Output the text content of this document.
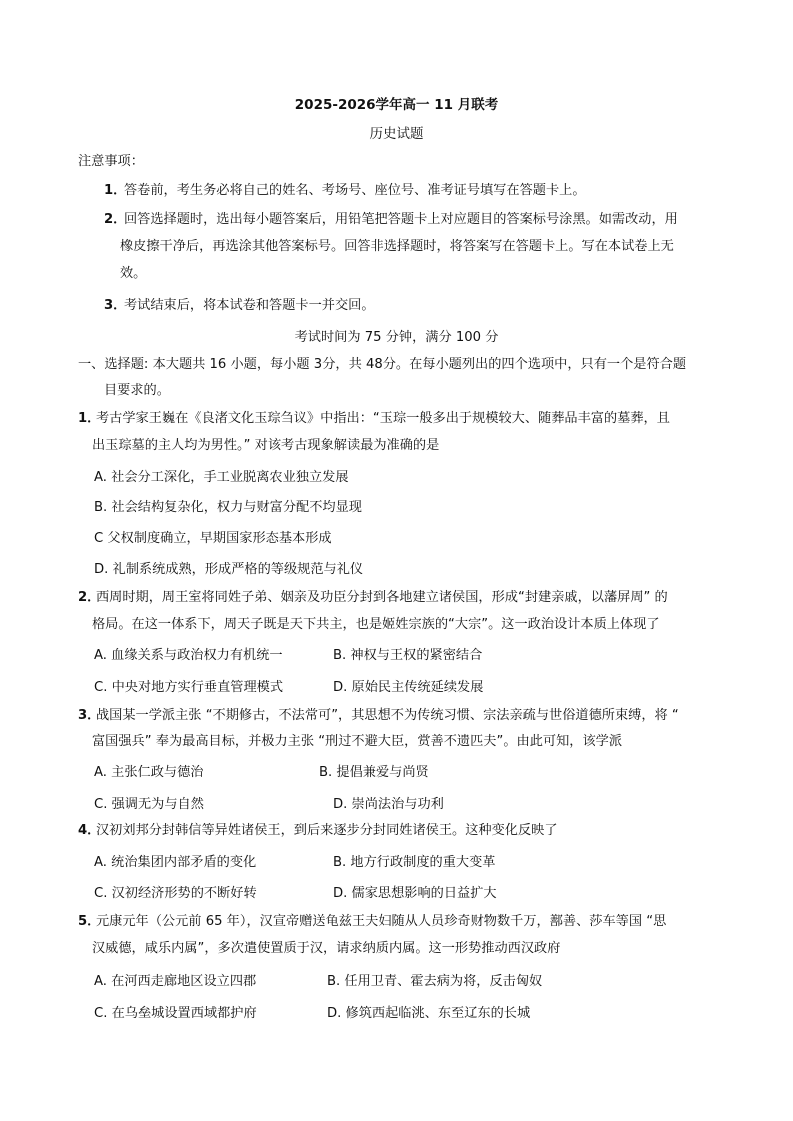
2025-2026学年高一 11 月联考
历史试题
注意事项：
1．
答卷前，考生务必将自己的姓名、考场号、座位号、准考证号填写在答题卡上。
2．
回答选择题时，选出每小题答案后，用铅笔把答题卡上对应题目的答案标号涂黑。如需改动，用
橡皮擦干净后，再选涂其他答案标号。回答非选择题时，将答案写在答题卡上。写在本试卷上无
效。
3．
考试结束后，将本试卷和答题卡一并交回。
考试时间为 75 分钟，满分 100 分
一、选择题: 本大题共 16 小题，每小题 3分，共 48分。在每小题列出的四个选项中，只有一个是符合题
目要求的。
1．
考古学家王巍在《良渚文化玉琮刍议》中指出：“玉琮一般多出于规模较大、随葬品丰富的墓葬，且
出玉琮墓的主人均为男性。” 对该考古现象解读最为准确的是
A. 社会分工深化，手工业脱离农业独立发展
B. 社会结构复杂化，权力与财富分配不均显现
C 父权制度确立，早期国家形态基本形成
D. 礼制系统成熟，形成严格的等级规范与礼仪
2．
西周时期，周王室将同姓子弟、姻亲及功臣分封到各地建立诸侯国，形成“封建亲戚，以藩屏周” 的
格局。在这一体系下，周天子既是天下共主，也是姬姓宗族的“大宗”。这一政治设计本质上体现了
A. 血缘关系与政治权力有机统一	B. 神权与王权的紧密结合
C. 中央对地方实行垂直管理模式	D. 原始民主传统延续发展
3．
战国某一学派主张 “不期修古，不法常可”，其思想不为传统习惯、宗法亲疏与世俗道德所束缚，将 “
富国强兵” 奉为最高目标，并极力主张 “刑过不避大臣，赏善不遗匹夫”。由此可知，该学派
A. 主张仁政与德治	B. 提倡兼爱与尚贤
C. 强调无为与自然	D. 崇尚法治与功利
4．
汉初刘邦分封韩信等异姓诸侯王，到后来逐步分封同姓诸侯王。这种变化反映了
A. 统治集团内部矛盾的变化	B. 地方行政制度的重大变革
C. 汉初经济形势的不断好转	D. 儒家思想影响的日益扩大
5．
元康元年（公元前 65 年），汉宣帝赠送龟兹王夫妇随从人员珍奇财物数千万，鄯善、莎车等国 “思
汉威德，咸乐内属”，多次遣使置质于汉，请求纳质内属。这一形势推动西汉政府
A. 在河西走廊地区设立四郡	B. 任用卫青、霍去病为将，反击匈奴
C. 在乌垒城设置西域都护府	D. 修筑西起临洮、东至辽东的长城
